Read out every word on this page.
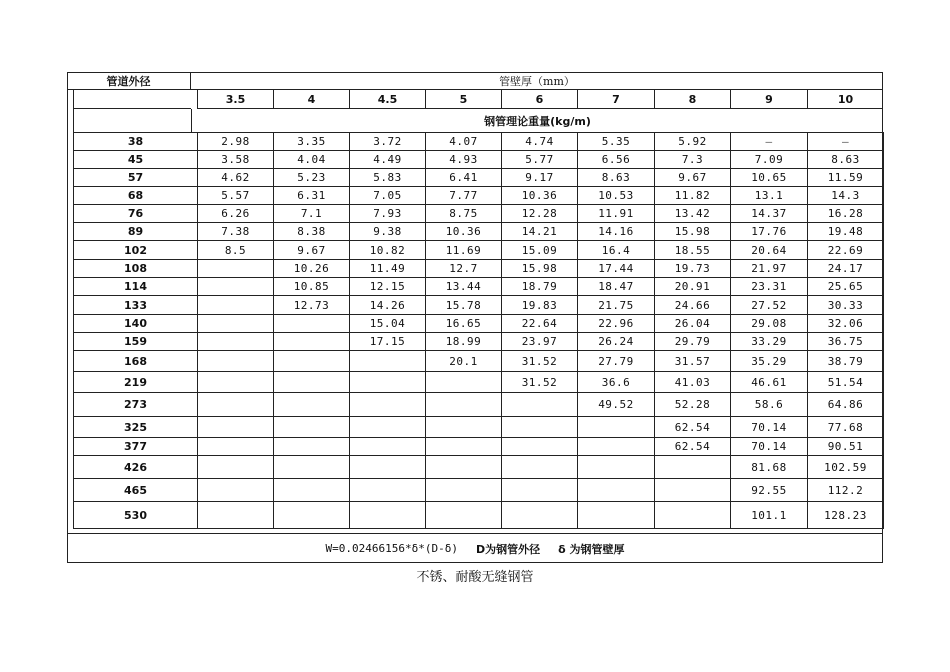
管道外径	管壁厚（mm）
3.5	4	4.5	5	6	7	8	9	10
钢管理论重量(kg/m)
38	2.98	3.35	3.72	4.07	4.74	5.35	5.92	—	—
45	3.58	4.04	4.49	4.93	5.77	6.56	7.3	7.09	8.63
57	4.62	5.23	5.83	6.41	9.17	8.63	9.67	10.65	11.59
68	5.57	6.31	7.05	7.77	10.36	10.53	11.82	13.1	14.3
76	6.26	7.1	7.93	8.75	12.28	11.91	13.42	14.37	16.28
89	7.38	8.38	9.38	10.36	14.21	14.16	15.98	17.76	19.48
102	8.5	9.67	10.82	11.69	15.09	16.4	18.55	20.64	22.69
108		10.26	11.49	12.7	15.98	17.44	19.73	21.97	24.17
114		10.85	12.15	13.44	18.79	18.47	20.91	23.31	25.65
133		12.73	14.26	15.78	19.83	21.75	24.66	27.52	30.33
140			15.04	16.65	22.64	22.96	26.04	29.08	32.06
159			17.15	18.99	23.97	26.24	29.79	33.29	36.75
168				20.1	31.52	27.79	31.57	35.29	38.79
219					31.52	36.6	41.03	46.61	51.54
273						49.52	52.28	58.6	64.86
325							62.54	70.14	77.68
377							62.54	70.14	90.51
426								81.68	102.59
465								92.55	112.2
530								101.1	128.23
W=0.02466156*δ*(D-δ) D为钢管外径 δ 为钢管壁厚
不锈、耐酸无缝钢管
